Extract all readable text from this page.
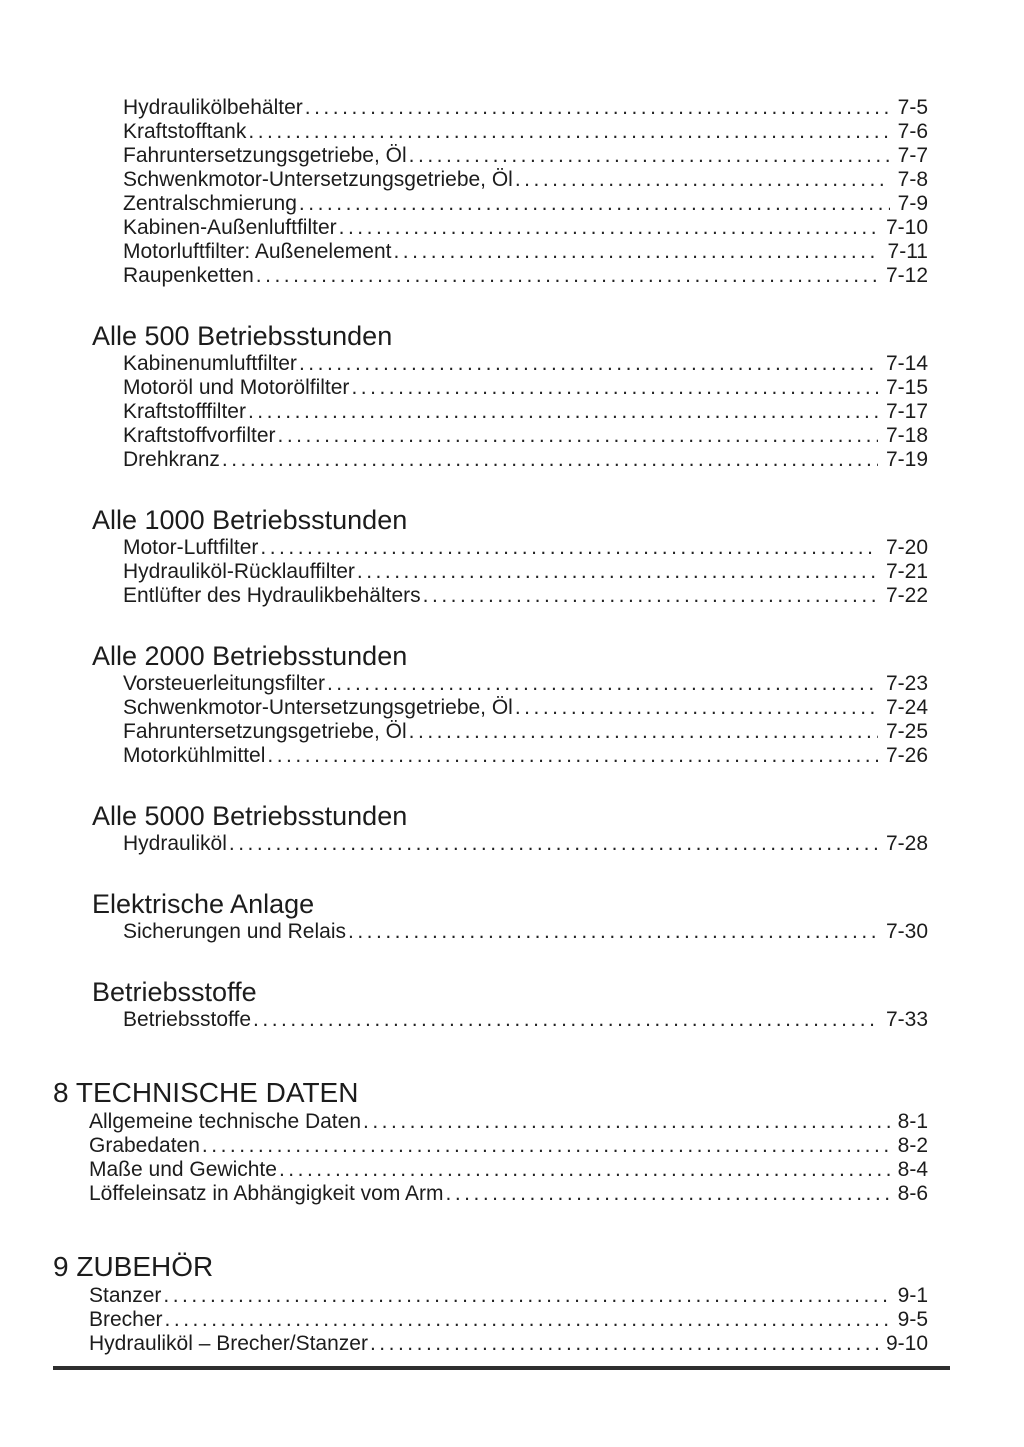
Hydraulikölbehälter .....	7-5
Kraftstofftank .....	7-6
Fahruntersetzungsgetriebe, Öl .....	7-7
Schwenkmotor-Untersetzungsgetriebe, Öl .....	7-8
Zentralschmierung .....	7-9
Kabinen-Außenluftfilter .....	7-10
Motorluftfilter: Außenelement .....	7-11
Raupenketten .....	7-12
Alle 500 Betriebsstunden
Kabinenumluftfilter .....	7-14
Motoröl und Motorölfilter .....	7-15
Kraftstofffilter .....	7-17
Kraftstoffvorfilter .....	7-18
Drehkranz .....	7-19
Alle 1000 Betriebsstunden
Motor-Luftfilter .....	7-20
Hydrauliköl-Rücklauffilter .....	7-21
Entlüfter des Hydraulikbehälters .....	7-22
Alle 2000 Betriebsstunden
Vorsteuerleitungsfilter .....	7-23
Schwenkmotor-Untersetzungsgetriebe, Öl .....	7-24
Fahruntersetzungsgetriebe, Öl .....	7-25
Motorkühlmittel .....	7-26
Alle 5000 Betriebsstunden
Hydrauliköl .....	7-28
Elektrische Anlage
Sicherungen und Relais .....	7-30
Betriebsstoffe
Betriebsstoffe .....	7-33
8 TECHNISCHE DATEN
Allgemeine technische Daten .....	8-1
Grabedaten .....	8-2
Maße und Gewichte .....	8-4
Löffeleinsatz in Abhängigkeit vom Arm .....	8-6
9 ZUBEHÖR
Stanzer .....	9-1
Brecher .....	9-5
Hydrauliköl – Brecher/Stanzer .....	9-10
